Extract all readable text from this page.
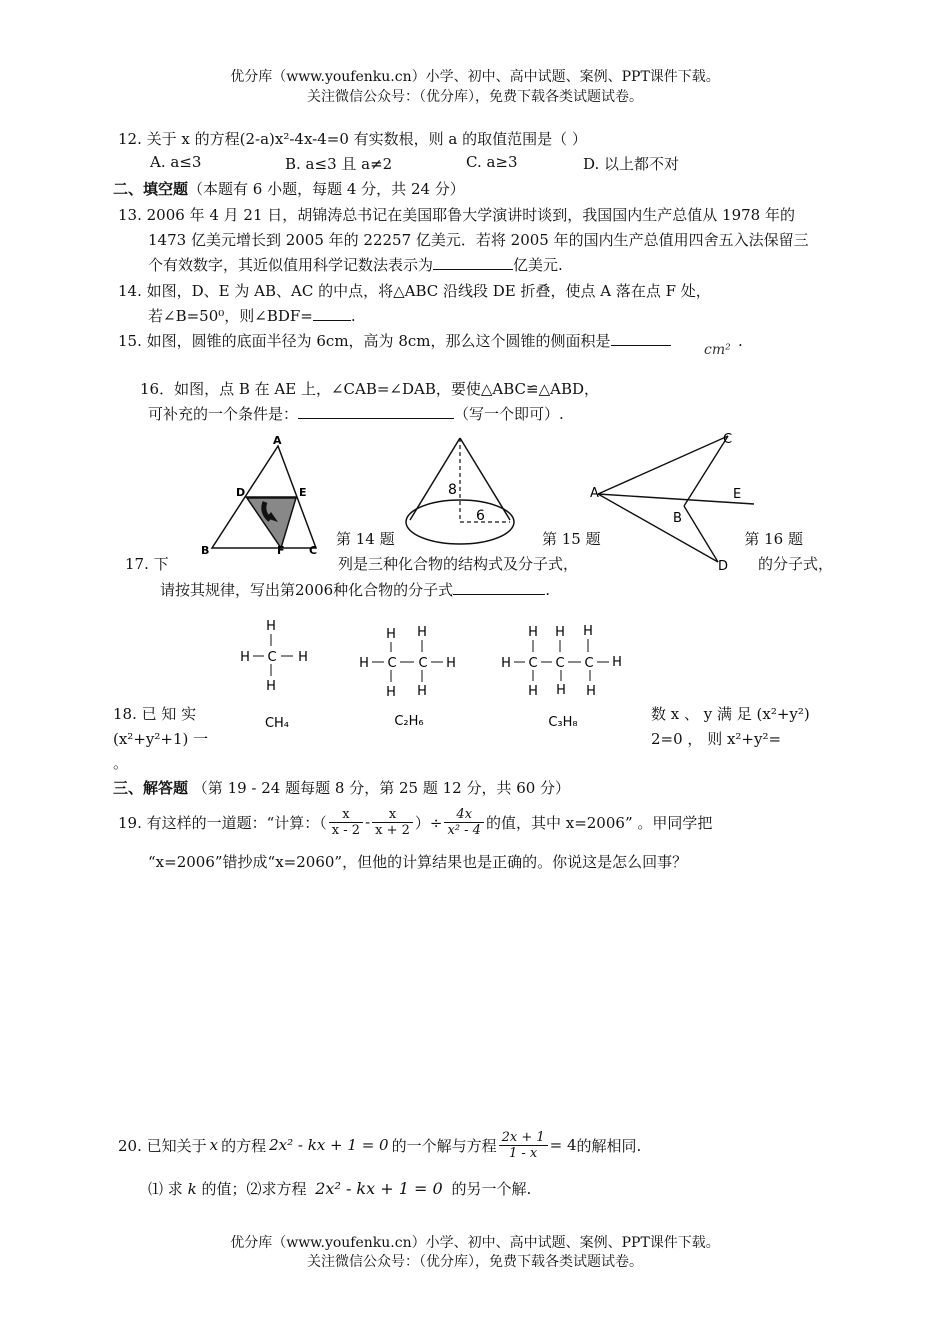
优分库（www.youfenku.cn）小学、初中、高中试题、案例、PPT课件下载。
关注微信公众号：（优分库），免费下载各类试题试卷。
12. 关于 x 的方程(2-a)x²-4x-4=0 有实数根，则 a 的取值范围是（ ）
A. a≤3	B. a≤3 且 a≠2	C. a≥3	D. 以上都不对
二、填空题（本题有 6 小题，每题 4 分，共 24 分）
13. 2006 年 4 月 21 日，胡锦涛总书记在美国耶鲁大学演讲时谈到，我国国内生产总值从 1978 年的
1473 亿美元增长到 2005 年的 22257 亿美元．若将 2005 年的国内生产总值用四舍五入法保留三
个有效数字，其近似值用科学记数法表示为	亿美元.
14. 如图，D、E 为 AB、AC 的中点，将△ABC 沿线段 DE 折叠，使点 A 落在点 F 处，
若∠B=50⁰，则∠BDF=	.
15. 如图，圆锥的底面半径为 6cm，高为 8cm，那么这个圆锥的侧面积是	cm² .
16．如图，点 B 在 AE 上，∠CAB=∠DAB，要使△ABC≌△ABD，
可补充的一个条件是：	（写一个即可）.
A
D	E
B	F C
8
6
第 14 题	第 15 题	第 16 题
17. 下	列是三种化合物的结构式及分子式，	的分子式，
请按其规律，写出第2006种化合物的分子式	.
A
B
C
D
E
H
H C H
H
CH₄
H H
H C C H
H H
C₂H₆
H H H
H C C C H
H H H
C₃H₈
18. 已 知 实
(x²+y²+1) 一
数 x 、 y 满 足 (x²+y²)
2=0 ， 则 x²+y²=
。
三、解答题 （第 19 - 24 题每题 8 分，第 25 题 12 分，共 60 分）
19. 有这样的一道题：“计算：（ $\frac{x}{x - 2} - \frac{x}{x + 2}$ ）÷ $\frac{4x}{\text{x² - 4}}$ 的值，其中 x=2006” 。甲同学把
“x=2006”错抄成“x=2060”，但他的计算结果也是正确的。你说这是怎么回事？
20. 已知关于 x 的方程 2x² - kx + 1 = 0 的一个解与方程 $\frac{2x + 1}{1 - x} = 4$ 的解相同.
⑴ 求 k 的值；⑵求方程 2x² - kx + 1 = 0 的另一个解.
优分库（www.youfenku.cn）小学、初中、高中试题、案例、PPT课件下载。
关注微信公众号：（优分库），免费下载各类试题试卷。
